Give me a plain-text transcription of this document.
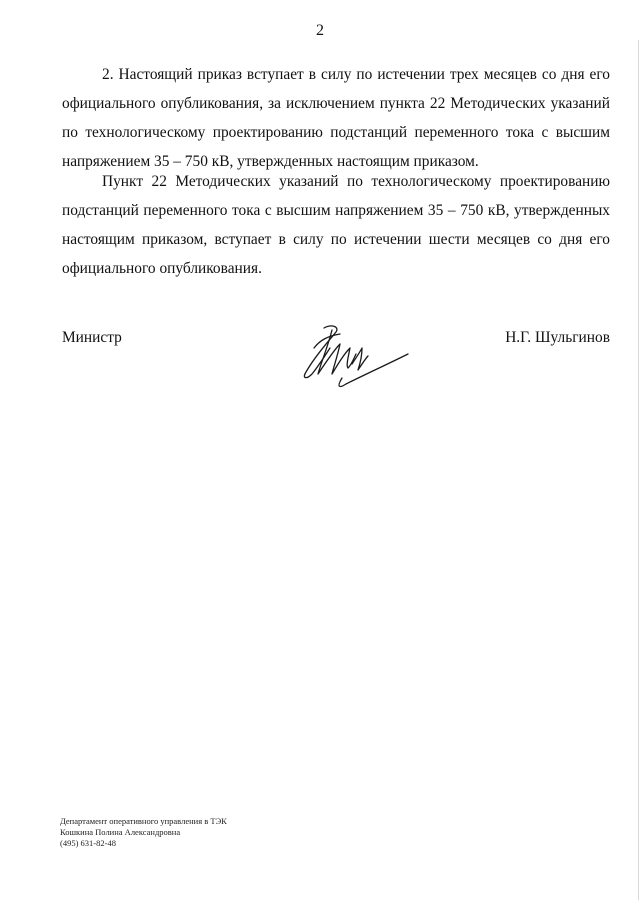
2

2. Настоящий приказ вступает в силу по истечении трех месяцев со дня его официального опубликования, за исключением пункта 22 Методических указаний по технологическому проектированию подстанций переменного тока с высшим напряжением 35 – 750 кВ, утвержденных настоящим приказом.

Пункт 22 Методических указаний по технологическому проектированию подстанций переменного тока с высшим напряжением 35 – 750 кВ, утвержденных настоящим приказом, вступает в силу по истечении шести месяцев со дня его официального опубликования.

Министр	Н.Г. Шульгинов
Департамент оперативного управления в ТЭК
Кошкина Полина Александровна
(495) 631-82-48
